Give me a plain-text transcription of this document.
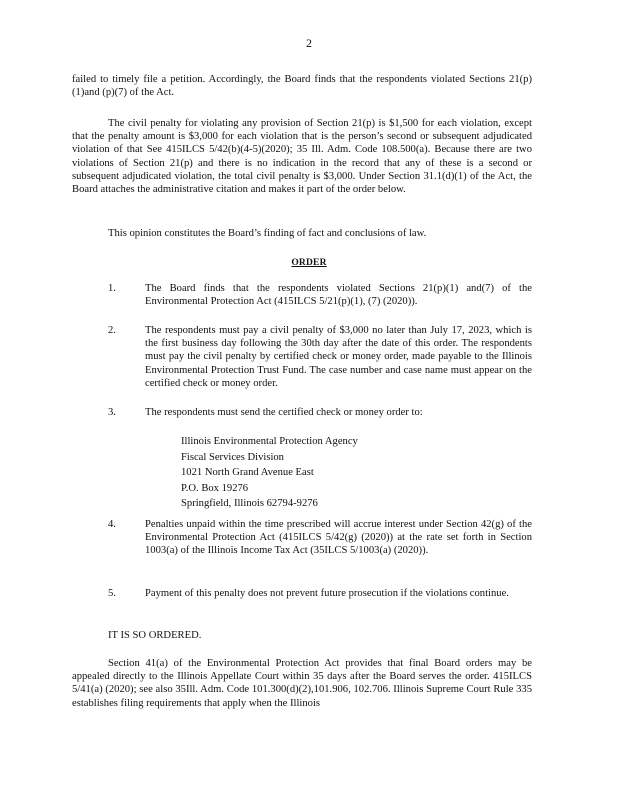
2
failed to timely file a petition. Accordingly, the Board finds that the respondents violated Sections 21(p)(1)and (p)(7) of the Act.
The civil penalty for violating any provision of Section 21(p) is $1,500 for each violation, except that the penalty amount is $3,000 for each violation that is the person’s second or subsequent adjudicated violation of that See 415ILCS 5/42(b)(4-5)(2020); 35 Ill. Adm. Code 108.500(a). Because there are two violations of Section 21(p) and there is no indication in the record that any of these is a second or subsequent adjudicated violation, the total civil penalty is $3,000. Under Section 31.1(d)(1) of the Act, the Board attaches the administrative citation and makes it part of the order below.
This opinion constitutes the Board’s finding of fact and conclusions of law.
ORDER
1.	The Board finds that the respondents violated Sections 21(p)(1) and(7) of the Environmental Protection Act (415ILCS 5/21(p)(1), (7) (2020)).
2.	The respondents must pay a civil penalty of $3,000 no later than July 17, 2023, which is the first business day following the 30th day after the date of this order. The respondents must pay the civil penalty by certified check or money order, made payable to the Illinois Environmental Protection Trust Fund. The case number and case name must appear on the certified check or money order.
3.	The respondents must send the certified check or money order to:
Illinois Environmental Protection Agency
Fiscal Services Division
1021 North Grand Avenue East
P.O. Box 19276
Springfield, Illinois 62794-9276
4.	Penalties unpaid within the time prescribed will accrue interest under Section 42(g) of the Environmental Protection Act (415ILCS 5/42(g) (2020)) at the rate set forth in Section 1003(a) of the Illinois Income Tax Act (35ILCS 5/1003(a) (2020)).
5.	Payment of this penalty does not prevent future prosecution if the violations continue.
IT IS SO ORDERED.
Section 41(a) of the Environmental Protection Act provides that final Board orders may be appealed directly to the Illinois Appellate Court within 35 days after the Board serves the order. 415ILCS 5/41(a) (2020); see also 35Ill. Adm. Code 101.300(d)(2),101.906, 102.706. Illinois Supreme Court Rule 335 establishes filing requirements that apply when the Illinois
